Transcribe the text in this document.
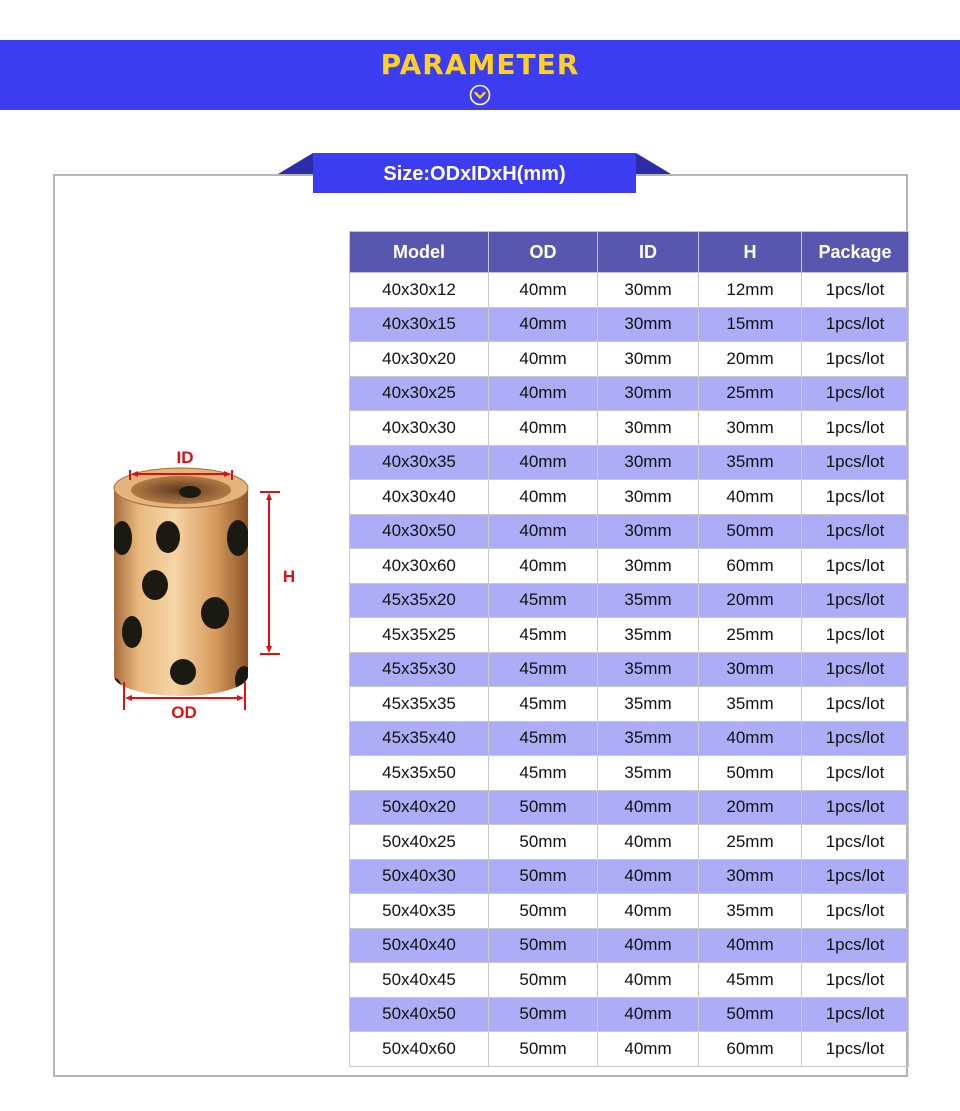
PARAMETER
Size:ODxIDxH(mm)
ID
H
OD
Model	OD	ID	H	Package
40x30x12	40mm	30mm	12mm	1pcs/lot
40x30x15	40mm	30mm	15mm	1pcs/lot
40x30x20	40mm	30mm	20mm	1pcs/lot
40x30x25	40mm	30mm	25mm	1pcs/lot
40x30x30	40mm	30mm	30mm	1pcs/lot
40x30x35	40mm	30mm	35mm	1pcs/lot
40x30x40	40mm	30mm	40mm	1pcs/lot
40x30x50	40mm	30mm	50mm	1pcs/lot
40x30x60	40mm	30mm	60mm	1pcs/lot
45x35x20	45mm	35mm	20mm	1pcs/lot
45x35x25	45mm	35mm	25mm	1pcs/lot
45x35x30	45mm	35mm	30mm	1pcs/lot
45x35x35	45mm	35mm	35mm	1pcs/lot
45x35x40	45mm	35mm	40mm	1pcs/lot
45x35x50	45mm	35mm	50mm	1pcs/lot
50x40x20	50mm	40mm	20mm	1pcs/lot
50x40x25	50mm	40mm	25mm	1pcs/lot
50x40x30	50mm	40mm	30mm	1pcs/lot
50x40x35	50mm	40mm	35mm	1pcs/lot
50x40x40	50mm	40mm	40mm	1pcs/lot
50x40x45	50mm	40mm	45mm	1pcs/lot
50x40x50	50mm	40mm	50mm	1pcs/lot
50x40x60	50mm	40mm	60mm	1pcs/lot
